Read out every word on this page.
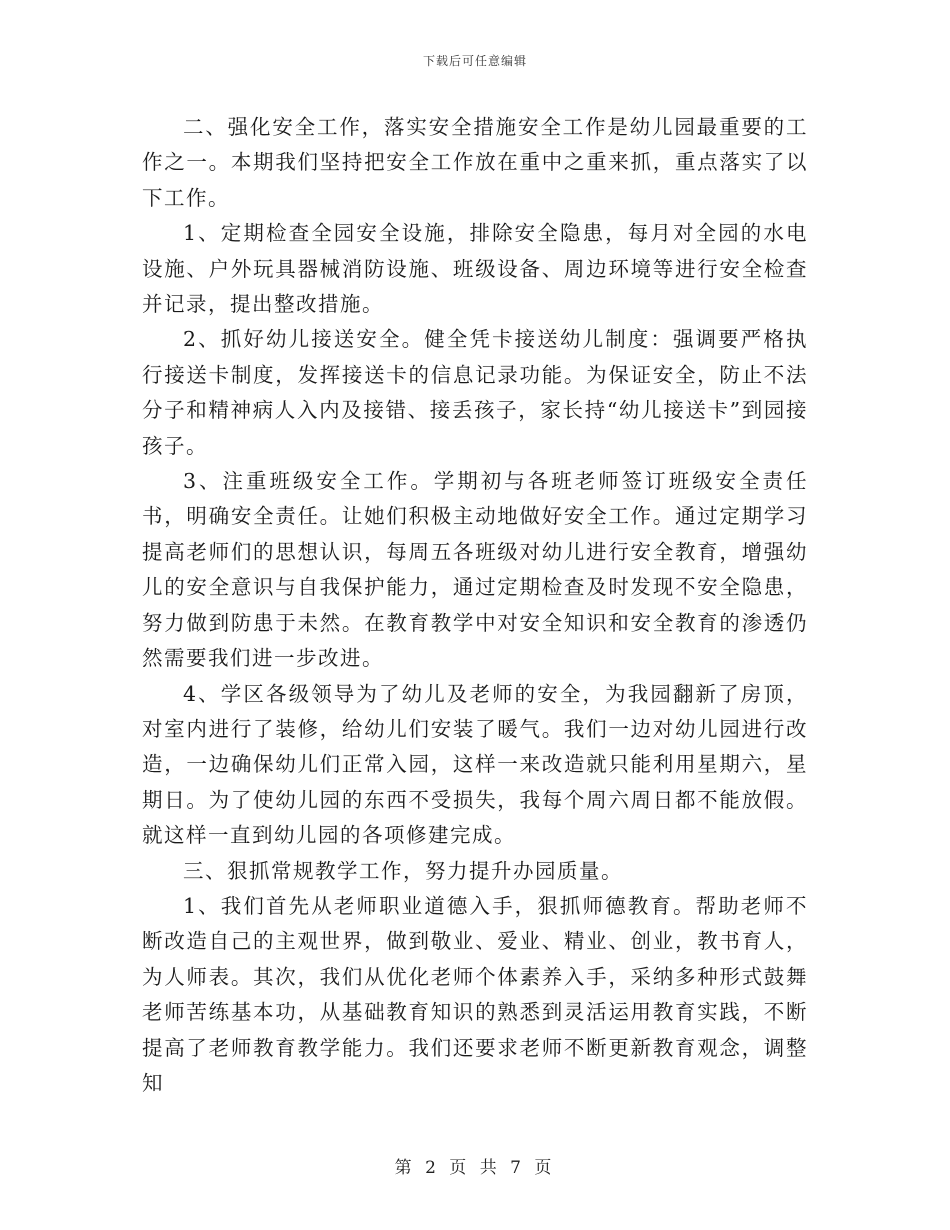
下载后可任意编辑

二、强化安全工作，落实安全措施安全工作是幼儿园最重要的工作之一。本期我们坚持把安全工作放在重中之重来抓，重点落实了以下工作。

1、定期检查全园安全设施，排除安全隐患，每月对全园的水电设施、户外玩具器械消防设施、班级设备、周边环境等进行安全检查并记录，提出整改措施。

2、抓好幼儿接送安全。健全凭卡接送幼儿制度：强调要严格执行接送卡制度，发挥接送卡的信息记录功能。为保证安全，防止不法分子和精神病人入内及接错、接丢孩子，家长持“幼儿接送卡”到园接孩子。

3、注重班级安全工作。学期初与各班老师签订班级安全责任书，明确安全责任。让她们积极主动地做好安全工作。通过定期学习提高老师们的思想认识，每周五各班级对幼儿进行安全教育，增强幼儿的安全意识与自我保护能力，通过定期检查及时发现不安全隐患，努力做到防患于未然。在教育教学中对安全知识和安全教育的渗透仍然需要我们进一步改进。

4、学区各级领导为了幼儿及老师的安全，为我园翻新了房顶，对室内进行了装修，给幼儿们安装了暖气。我们一边对幼儿园进行改造，一边确保幼儿们正常入园，这样一来改造就只能利用星期六，星期日。为了使幼儿园的东西不受损失，我每个周六周日都不能放假。就这样一直到幼儿园的各项修建完成。

三、狠抓常规教学工作，努力提升办园质量。

1、我们首先从老师职业道德入手，狠抓师德教育。帮助老师不断改造自己的主观世界，做到敬业、爱业、精业、创业，教书育人，为人师表。其次，我们从优化老师个体素养入手，采纳多种形式鼓舞老师苦练基本功，从基础教育知识的熟悉到灵活运用教育实践，不断提高了老师教育教学能力。我们还要求老师不断更新教育观念，调整知

第 2 页 共 7 页
